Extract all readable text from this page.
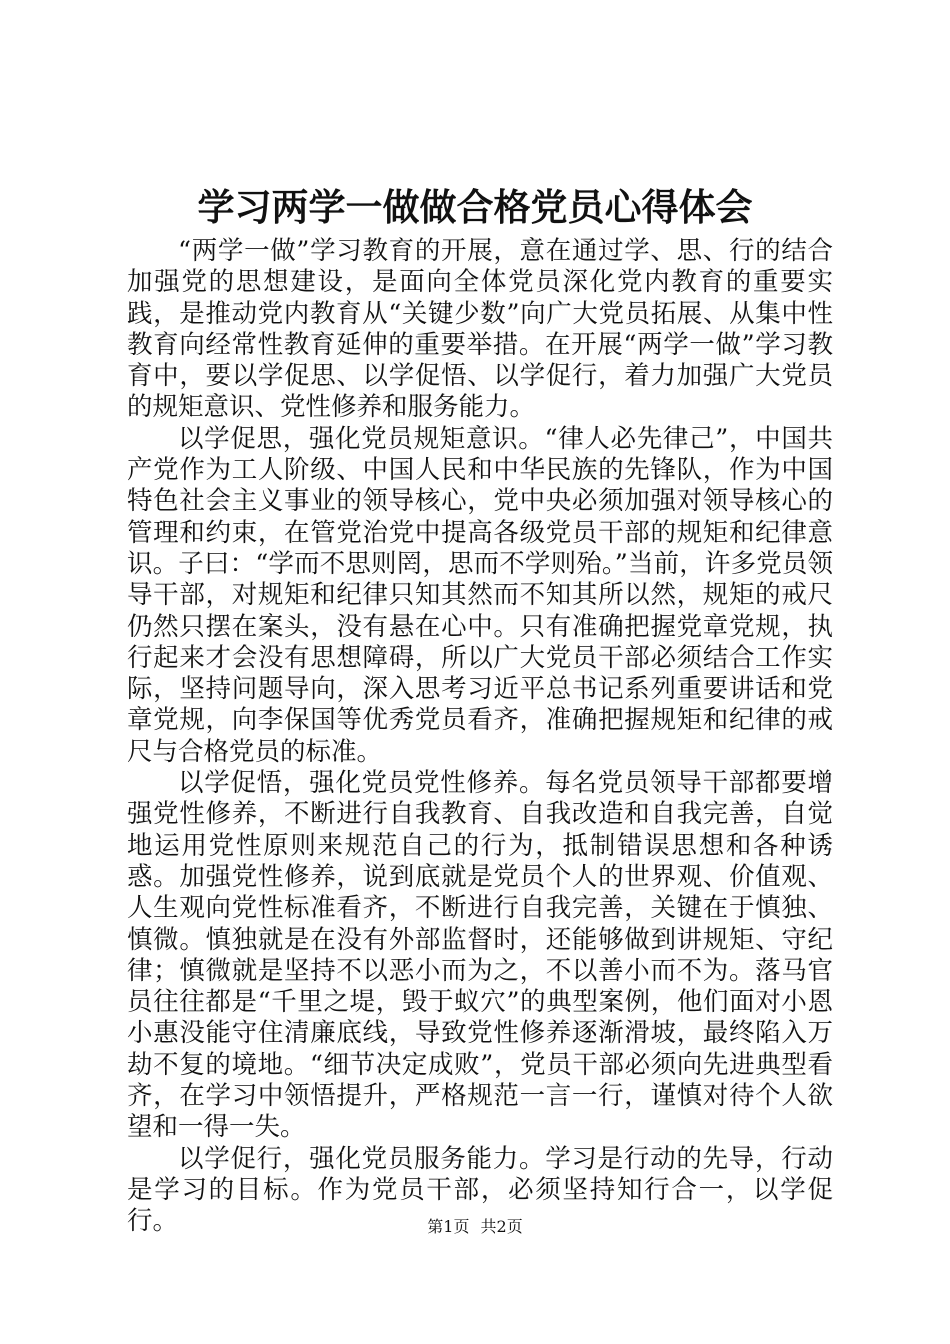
学习两学一做做合格党员心得体会

“两学一做”学习教育的开展，意在通过学、思、行的结合加强党的思想建设，是面向全体党员深化党内教育的重要实践，是推动党内教育从“关键少数”向广大党员拓展、从集中性教育向经常性教育延伸的重要举措。在开展“两学一做”学习教育中，要以学促思、以学促悟、以学促行，着力加强广大党员的规矩意识、党性修养和服务能力。

以学促思，强化党员规矩意识。“律人必先律己”，中国共产党作为工人阶级、中国人民和中华民族的先锋队，作为中国特色社会主义事业的领导核心，党中央必须加强对领导核心的管理和约束，在管党治党中提高各级党员干部的规矩和纪律意识。子曰：“学而不思则罔，思而不学则殆。”当前，许多党员领导干部，对规矩和纪律只知其然而不知其所以然，规矩的戒尺仍然只摆在案头，没有悬在心中。只有准确把握党章党规，执行起来才会没有思想障碍，所以广大党员干部必须结合工作实际，坚持问题导向，深入思考习近平总书记系列重要讲话和党章党规，向李保国等优秀党员看齐，准确把握规矩和纪律的戒尺与合格党员的标准。

以学促悟，强化党员党性修养。每名党员领导干部都要增强党性修养，不断进行自我教育、自我改造和自我完善，自觉地运用党性原则来规范自己的行为，抵制错误思想和各种诱惑。加强党性修养，说到底就是党员个人的世界观、价值观、人生观向党性标准看齐，不断进行自我完善，关键在于慎独、慎微。慎独就是在没有外部监督时，还能够做到讲规矩、守纪律；慎微就是坚持不以恶小而为之，不以善小而不为。落马官员往往都是“千里之堤，毁于蚁穴”的典型案例，他们面对小恩小惠没能守住清廉底线，导致党性修养逐渐滑坡，最终陷入万劫不复的境地。“细节决定成败”，党员干部必须向先进典型看齐，在学习中领悟提升，严格规范一言一行，谨慎对待个人欲望和一得一失。

以学促行，强化党员服务能力。学习是行动的先导，行动是学习的目标。作为党员干部，必须坚持知行合一，以学促行。	第1页 共2页
